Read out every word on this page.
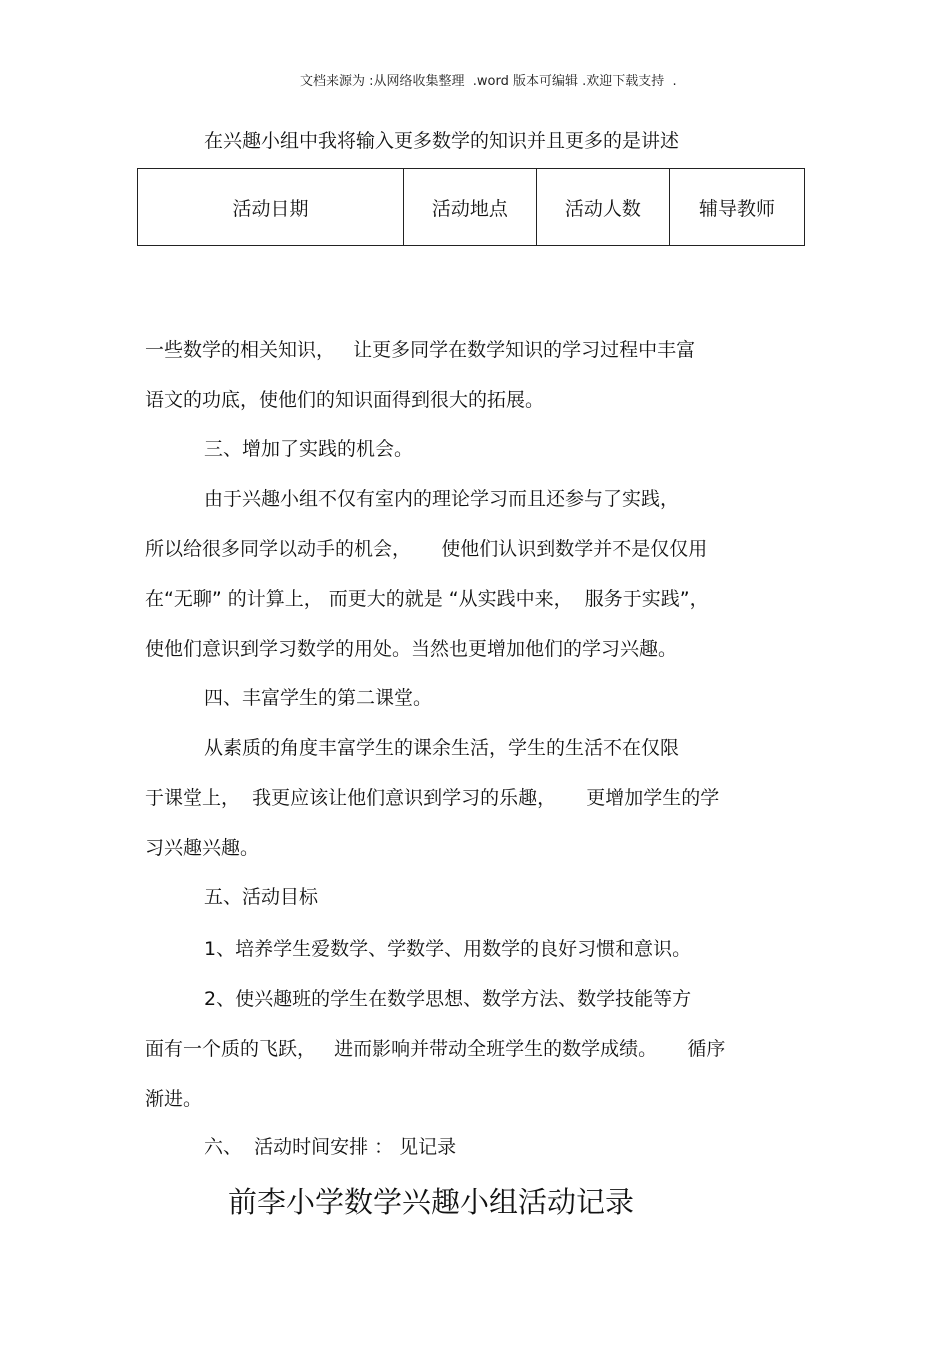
文档来源为 :从网络收集整理  .word 版本可编辑 .欢迎下载支持  .
在兴趣小组中我将输入更多数学的知识并且更多的是讲述
活动日期	活动地点	活动人数	辅导教师
一些数学的相关知识，   让更多同学在数学知识的学习过程中丰富
语文的功底，使他们的知识面得到很大的拓展。
三、增加了实践的机会。
由于兴趣小组不仅有室内的理论学习而且还参与了实践，
所以给很多同学以动手的机会，     使他们认识到数学并不是仅仅用
在“无聊” 的计算上， 而更大的就是 “从实践中来，  服务于实践”，
使他们意识到学习数学的用处。当然也更增加他们的学习兴趣。
四、丰富学生的第二课堂。
从素质的角度丰富学生的课余生活，学生的生活不在仅限
于课堂上，  我更应该让他们意识到学习的乐趣，     更增加学生的学
习兴趣兴趣。
五、活动目标
1、培养学生爱数学、学数学、用数学的良好习惯和意识。
2、使兴趣班的学生在数学思想、数学方法、数学技能等方
面有一个质的飞跃，   进而影响并带动全班学生的数学成绩。     循序
渐进。
六、  活动时间安排 ： 见记录
前李小学数学兴趣小组活动记录
